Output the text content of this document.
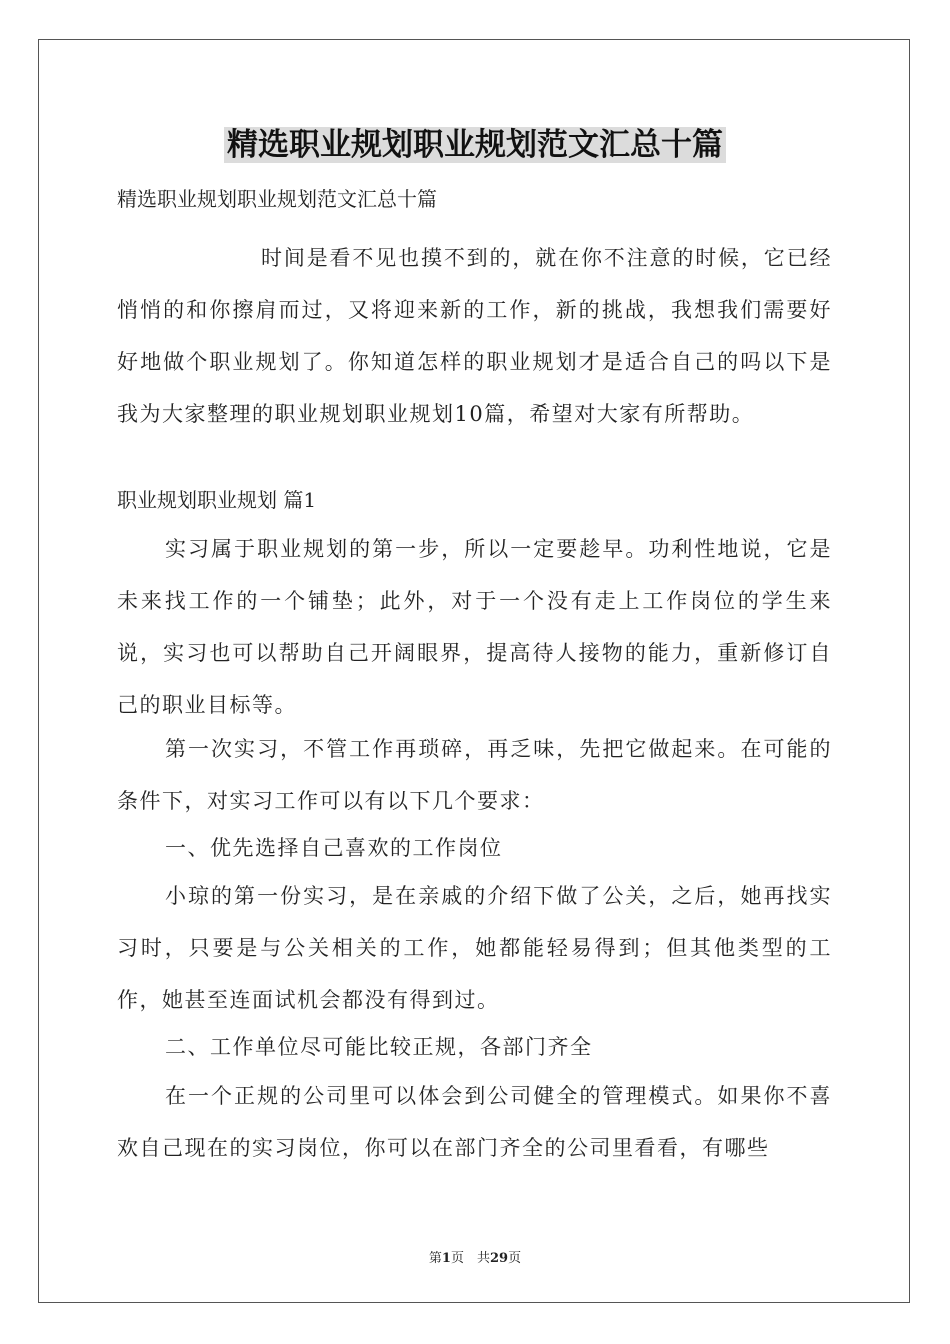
精选职业规划职业规划范文汇总十篇
精选职业规划职业规划范文汇总十篇
时间是看不见也摸不到的，就在你不注意的时候，它已经悄悄的和你擦肩而过，又将迎来新的工作，新的挑战，我想我们需要好好地做个职业规划了。你知道怎样的职业规划才是适合自己的吗以下是我为大家整理的职业规划职业规划10篇，希望对大家有所帮助。
职业规划职业规划 篇1
实习属于职业规划的第一步，所以一定要趁早。功利性地说，它是未来找工作的一个铺垫；此外，对于一个没有走上工作岗位的学生来说，实习也可以帮助自己开阔眼界，提高待人接物的能力，重新修订自己的职业目标等。
第一次实习，不管工作再琐碎，再乏味，先把它做起来。在可能的条件下，对实习工作可以有以下几个要求：
一、优先选择自己喜欢的工作岗位
小琼的第一份实习，是在亲戚的介绍下做了公关，之后，她再找实习时，只要是与公关相关的工作，她都能轻易得到；但其他类型的工作，她甚至连面试机会都没有得到过。
二、工作单位尽可能比较正规，各部门齐全
在一个正规的公司里可以体会到公司健全的管理模式。如果你不喜欢自己现在的实习岗位，你可以在部门齐全的公司里看看，有哪些
第1页　共29页
